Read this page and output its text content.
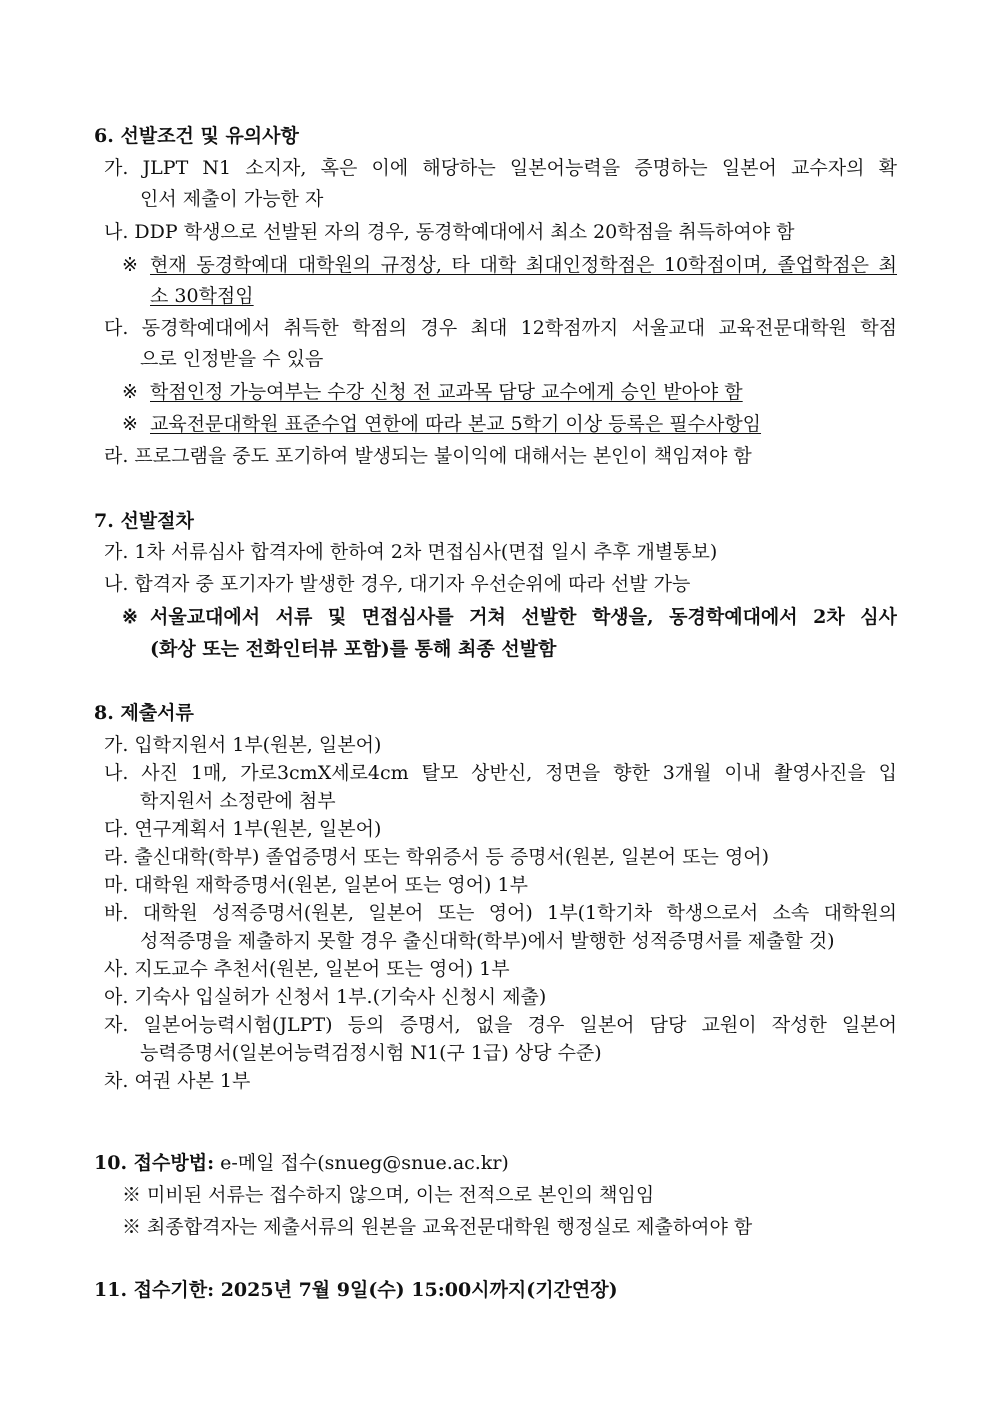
6. 선발조건 및 유의사항
가. JLPT N1 소지자, 혹은 이에 해당하는 일본어능력을 증명하는 일본어 교수자의 확
인서 제출이 가능한 자
나. DDP 학생으로 선발된 자의 경우, 동경학예대에서 최소 20학점을 취득하여야 함
※ 현재 동경학예대 대학원의 규정상, 타 대학 최대인정학점은 10학점이며, 졸업학점은 최
소 30학점임
다. 동경학예대에서 취득한 학점의 경우 최대 12학점까지 서울교대 교육전문대학원 학점
으로 인정받을 수 있음
※ 학점인정 가능여부는 수강 신청 전 교과목 담당 교수에게 승인 받아야 함
※ 교육전문대학원 표준수업 연한에 따라 본교 5학기 이상 등록은 필수사항임
라. 프로그램을 중도 포기하여 발생되는 불이익에 대해서는 본인이 책임져야 함
7. 선발절차
가. 1차 서류심사 합격자에 한하여 2차 면접심사(면접 일시 추후 개별통보)
나. 합격자 중 포기자가 발생한 경우, 대기자 우선순위에 따라 선발 가능
※ 서울교대에서 서류 및 면접심사를 거쳐 선발한 학생을, 동경학예대에서 2차 심사
(화상 또는 전화인터뷰 포함)를 통해 최종 선발함
8. 제출서류
가. 입학지원서 1부(원본, 일본어)
나. 사진 1매, 가로3cmX세로4cm 탈모 상반신, 정면을 향한 3개월 이내 촬영사진을 입
학지원서 소정란에 첨부
다. 연구계획서 1부(원본, 일본어)
라. 출신대학(학부) 졸업증명서 또는 학위증서 등 증명서(원본, 일본어 또는 영어)
마. 대학원 재학증명서(원본, 일본어 또는 영어) 1부
바. 대학원 성적증명서(원본, 일본어 또는 영어) 1부(1학기차 학생으로서 소속 대학원의
성적증명을 제출하지 못할 경우 출신대학(학부)에서 발행한 성적증명서를 제출할 것)
사. 지도교수 추천서(원본, 일본어 또는 영어) 1부
아. 기숙사 입실허가 신청서 1부.(기숙사 신청시 제출)
자. 일본어능력시험(JLPT) 등의 증명서, 없을 경우 일본어 담당 교원이 작성한 일본어
능력증명서(일본어능력검정시험 N1(구 1급) 상당 수준)
차. 여권 사본 1부
10. 접수방법: e-메일 접수(snueg@snue.ac.kr)
※ 미비된 서류는 접수하지 않으며, 이는 전적으로 본인의 책임임
※ 최종합격자는 제출서류의 원본을 교육전문대학원 행정실로 제출하여야 함
11. 접수기한: 2025년 7월 9일(수) 15:00시까지(기간연장)
